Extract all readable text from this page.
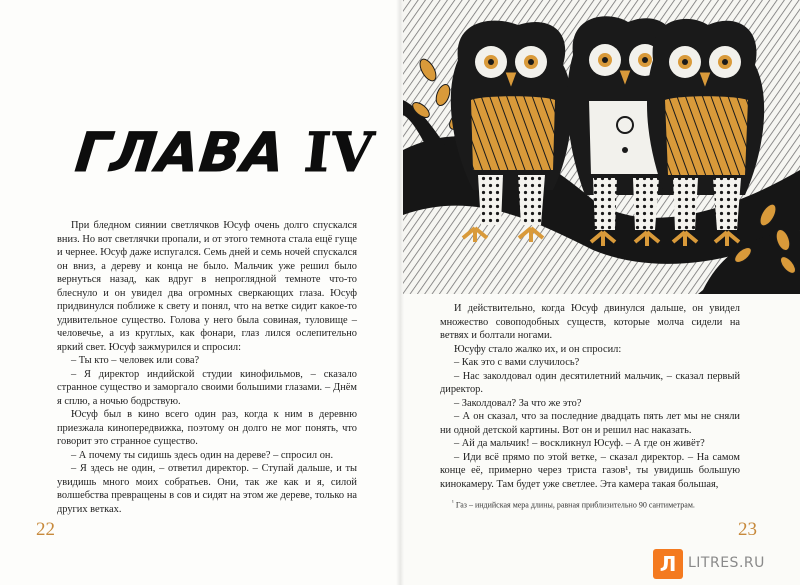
ГЛАВА IV

При бледном сиянии светлячков Юсуф очень долго спускался вниз. Но вот светлячки пропали, и от этого темнота стала ещё гуще и чернее. Юсуф даже испугался. Семь дней и семь ночей спускался он вниз, а дереву и конца не было. Мальчик уже решил было вернуться назад, как вдруг в непроглядной темноте что-то блеснуло и он увидел два огромных сверкающих глаза. Юсуф придвинулся поближе к свету и понял, что на ветке сидит какое-то удивительное существо. Голова у него была совиная, туловище – человечье, а из круглых, как фонари, глаз лился ослепительно яркий свет. Юсуф зажмурился и спросил:

– Ты кто – человек или сова?

– Я директор индийской студии кинофильмов, – сказало странное существо и заморгало своими большими глазами. – Днём я сплю, а ночью бодрствую.

Юсуф был в кино всего один раз, когда к ним в деревню приезжала кинопередвижка, поэтому он долго не мог понять, что говорит это странное существо.

– А почему ты сидишь здесь один на дереве? – спросил он.

– Я здесь не один, – ответил директор. – Ступай дальше, и ты увидишь много моих собратьев. Они, так же как и я, силой волшебства превращены в сов и сидят на этом же дереве, только на других ветках.

22

И действительно, когда Юсуф двинулся дальше, он увидел множество совоподобных существ, которые молча сидели на ветвях и болтали ногами.

Юсуфу стало жалко их, и он спросил:

– Как это с вами случилось?

– Нас заколдовал один десятилетний мальчик, – сказал первый директор.

– Заколдовал? За что же это?

– А он сказал, что за последние двадцать пять лет мы не сняли ни одной детской картины. Вот он и решил нас наказать.

– Ай да мальчик! – воскликнул Юсуф. – А где он живёт?

– Иди всё прямо по этой ветке, – сказал директор. – На самом конце её, примерно через триста газов¹, ты увидишь большую кинокамеру. Там будет уже светлее. Эта камера такая большая,

$^{^1}$ Газ – индийская мера длины, равная приблизительно 90 сантиметрам.
23
Л LITRES.RU
